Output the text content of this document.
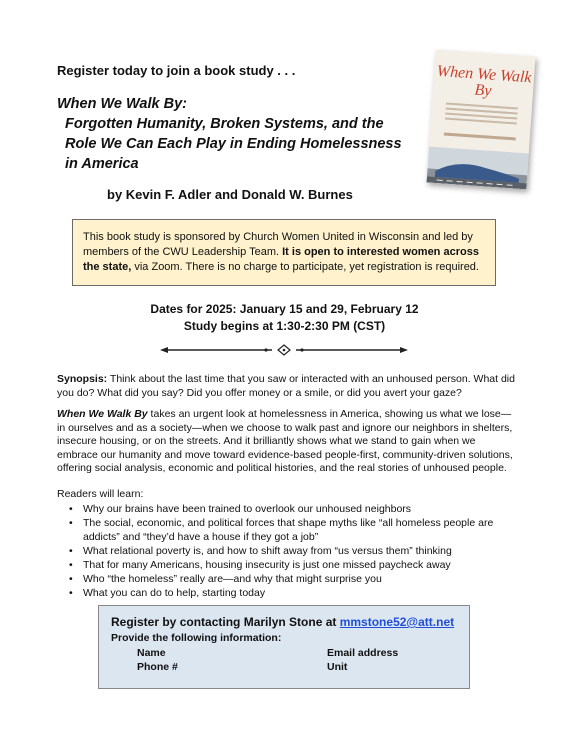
Register today to join a book study . . .
When We Walk By:
Forgotten Humanity, Broken Systems, and the Role We Can Each Play in Ending Homelessness in America
by Kevin F. Adler and Donald W. Burnes
When We Walk By
This book study is sponsored by Church Women United in Wisconsin and led by members of the CWU Leadership Team. It is open to interested women across the state, via Zoom. There is no charge to participate, yet registration is required.
Dates for 2025: January 15 and 29, February 12
Study begins at 1:30-2:30 PM (CST)
Synopsis: Think about the last time that you saw or interacted with an unhoused person. What did you do? What did you say? Did you offer money or a smile, or did you avert your gaze?
When We Walk By takes an urgent look at homelessness in America, showing us what we lose—in ourselves and as a society—when we choose to walk past and ignore our neighbors in shelters, insecure housing, or on the streets. And it brilliantly shows what we stand to gain when we embrace our humanity and move toward evidence-based people-first, community-driven solutions, offering social analysis, economic and political histories, and the real stories of unhoused people.
Readers will learn:
• Why our brains have been trained to overlook our unhoused neighbors
• The social, economic, and political forces that shape myths like “all homeless people are addicts” and “they’d have a house if they got a job”
• What relational poverty is, and how to shift away from “us versus them” thinking
• That for many Americans, housing insecurity is just one missed paycheck away
• Who “the homeless” really are—and why that might surprise you
• What you can do to help, starting today
Register by contacting Marilyn Stone at mmstone52@att.net
Provide the following information:
Name	Email address
Phone #	Unit
